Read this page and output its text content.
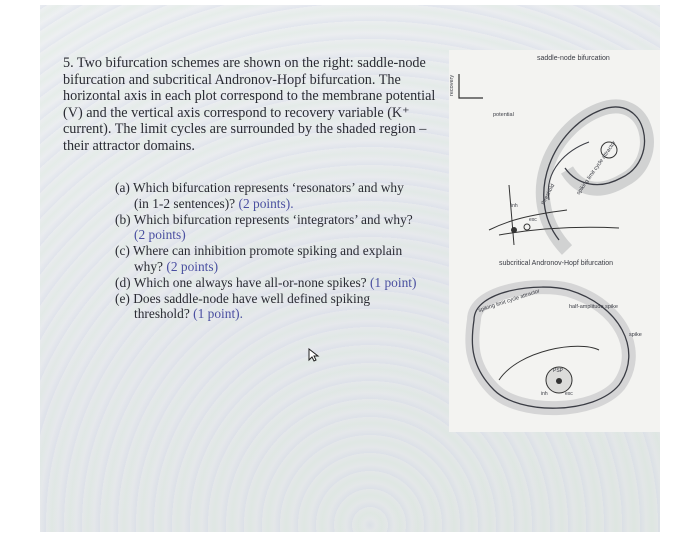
5. Two bifurcation schemes are shown on the right: saddle-node bifurcation and subcritical Andronov-Hopf bifurcation. The horizontal axis in each plot correspond to the membrane potential (V) and the vertical axis correspond to recovery variable (K⁺ current). The limit cycles are surrounded by the shaded region – their attractor domains.

(a) Which bifurcation represents ‘resonators’ and why
(in 1-2 sentences)? (2 points).

(b) Which bifurcation represents ‘integrators’ and why?
(2 points)

(c) Where can inhibition promote spiking and explain
why? (2 points)

(d) Which one always have all-or-none spikes? (1 point)

(e) Does saddle-node have well defined spiking
threshold? (1 point).

saddle-node bifurcation
recovery
potential
threshold	spiking limit cycle attractor
inh
exc
subcritical Andronov-Hopf bifurcation
spiking limit cycle attractor	half-amplitude spike
spike
PSP
inh	exc
